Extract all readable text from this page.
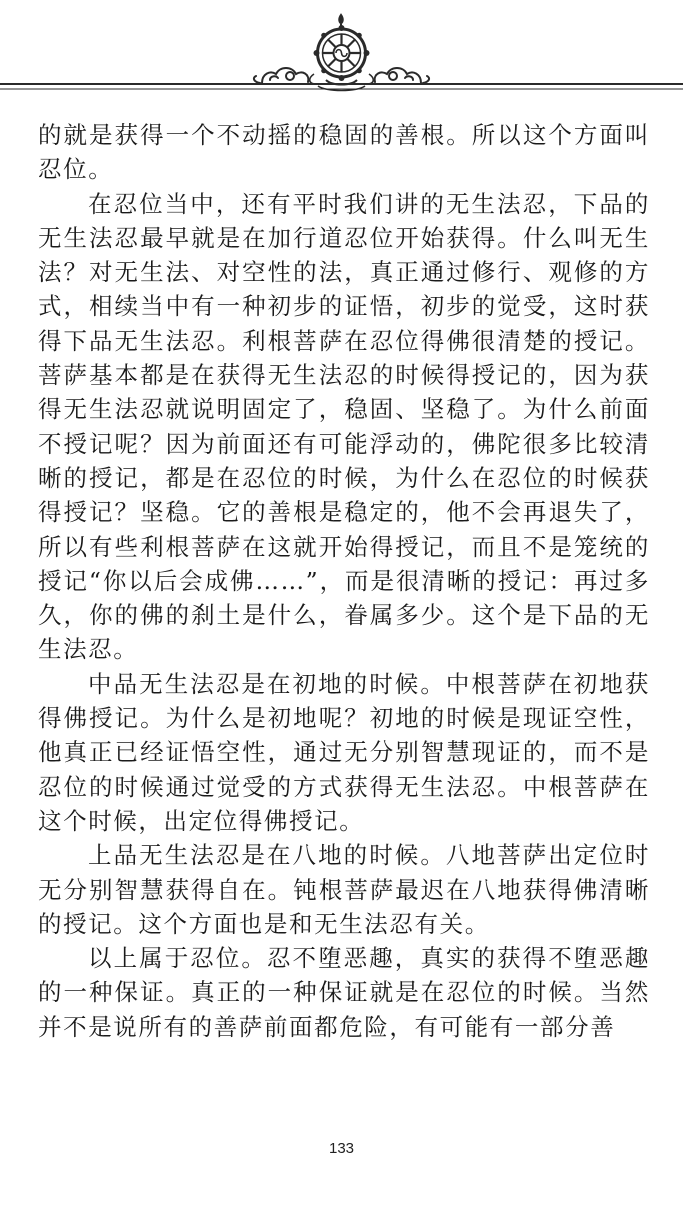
的就是获得一个不动摇的稳固的善根。所以这个方面叫忍位。

在忍位当中，还有平时我们讲的无生法忍，下品的无生法忍最早就是在加行道忍位开始获得。什么叫无生法？对无生法、对空性的法，真正通过修行、观修的方式，相续当中有一种初步的证悟，初步的觉受，这时获得下品无生法忍。利根菩萨在忍位得佛很清楚的授记。菩萨基本都是在获得无生法忍的时候得授记的，因为获得无生法忍就说明固定了，稳固、坚稳了。为什么前面不授记呢？因为前面还有可能浮动的，佛陀很多比较清晰的授记，都是在忍位的时候，为什么在忍位的时候获得授记？坚稳。它的善根是稳定的，他不会再退失了，所以有些利根菩萨在这就开始得授记，而且不是笼统的授记“你以后会成佛……”，而是很清晰的授记：再过多久，你的佛的刹土是什么，眷属多少。这个是下品的无生法忍。

中品无生法忍是在初地的时候。中根菩萨在初地获得佛授记。为什么是初地呢？初地的时候是现证空性，他真正已经证悟空性，通过无分别智慧现证的，而不是忍位的时候通过觉受的方式获得无生法忍。中根菩萨在这个时候，出定位得佛授记。

上品无生法忍是在八地的时候。八地菩萨出定位时无分别智慧获得自在。钝根菩萨最迟在八地获得佛清晰的授记。这个方面也是和无生法忍有关。

以上属于忍位。忍不堕恶趣，真实的获得不堕恶趣的一种保证。真正的一种保证就是在忍位的时候。当然并不是说所有的善萨前面都危险，有可能有一部分善

133
